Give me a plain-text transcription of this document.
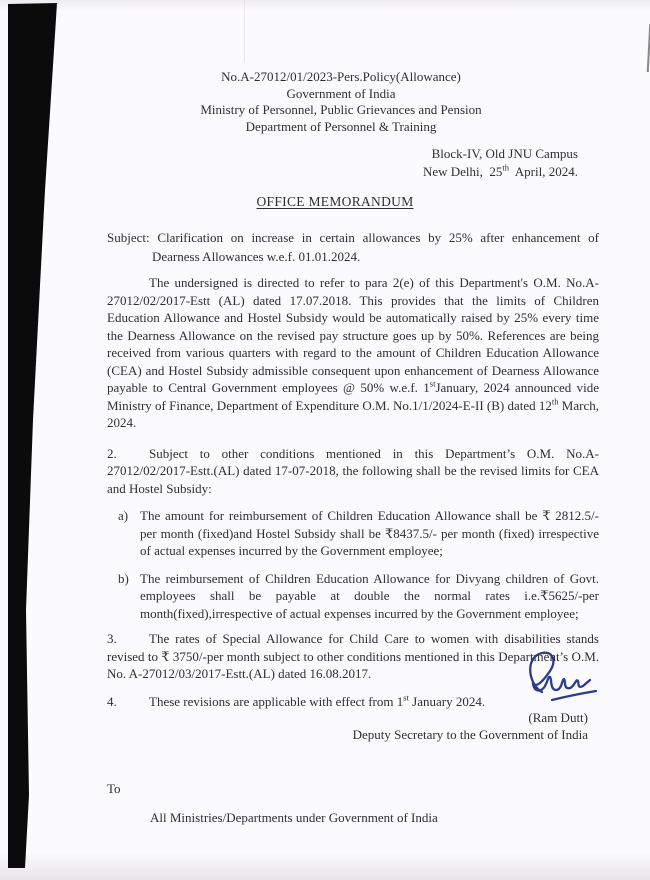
No.A-27012/01/2023-Pers.Policy(Allowance)

Government of India

Ministry of Personnel, Public Grievances and Pension

Department of Personnel & Training

Block-IV, Old JNU Campus

New Delhi,  25th  April, 2024.

OFFICE MEMORANDUM

Subject: Clarification on increase in certain allowances by 25% after enhancement of Dearness Allowances w.e.f. 01.01.2024.

The undersigned is directed to refer to para 2(e) of this Department's O.M. No.A-27012/02/2017-Estt (AL) dated 17.07.2018. This provides that the limits of Children Education Allowance and Hostel Subsidy would be automatically raised by 25% every time the Dearness Allowance on the revised pay structure goes up by 50%. References are being received from various quarters with regard to the amount of Children Education Allowance (CEA) and Hostel Subsidy admissible consequent upon enhancement of Dearness Allowance payable to Central Government employees @ 50% w.e.f. 1stJanuary, 2024 announced vide Ministry of Finance, Department of Expenditure O.M. No.1/1/2024-E-II (B) dated 12th March, 2024.

2. Subject to other conditions mentioned in this Department’s O.M. No.A-27012/02/2017-Estt.(AL) dated 17-07-2018, the following shall be the revised limits for CEA and Hostel Subsidy:

a) The amount for reimbursement of Children Education Allowance shall be ₹ 2812.5/- per month (fixed)and Hostel Subsidy shall be ₹8437.5/- per month (fixed) irrespective of actual expenses incurred by the Government employee;

b) The reimbursement of Children Education Allowance for Divyang children of Govt. employees shall be payable at double the normal rates i.e.₹5625/-per month(fixed),irrespective of actual expenses incurred by the Government employee;

3. The rates of Special Allowance for Child Care to women with disabilities stands revised to ₹ 3750/-per month subject to other conditions mentioned in this Department’s O.M. No. A-27012/03/2017-Estt.(AL) dated 16.08.2017.

4. These revisions are applicable with effect from 1st January 2024.

To

All Ministries/Departments under Government of India

(Ram Dutt)

Deputy Secretary to the Government of India
